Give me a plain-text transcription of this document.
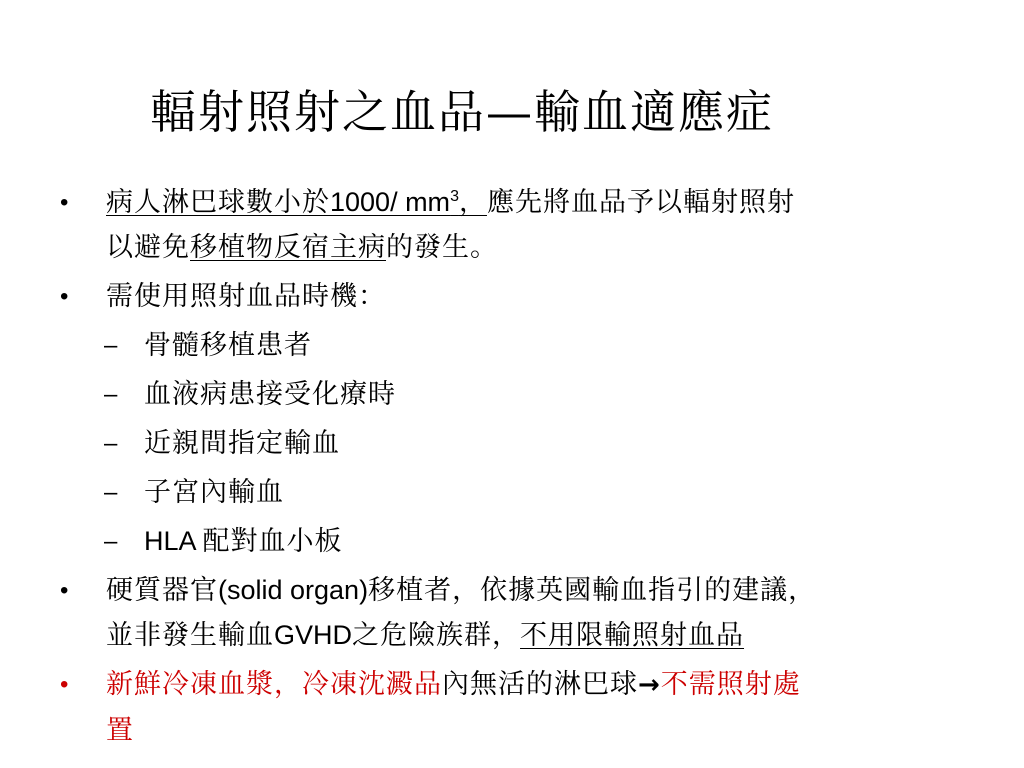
輻射照射之血品—輸血適應症
•	病人淋巴球數小於1000/ $mm^3$，應先將血品予以輻射照射
以避免移植物反宿主病的發生。
•	需使用照射血品時機：
– 骨髓移植患者
– 血液病患接受化療時
– 近親間指定輸血
– 子宮內輸血
– HLA 配對血小板
•	硬質器官(solid organ)移植者，依據英國輸血指引的建議，
並非發生輸血GVHD之危險族群，不用限輸照射血品
•	新鮮冷凍血漿，冷凍沈澱品內無活的淋巴球→不需照射處
置
